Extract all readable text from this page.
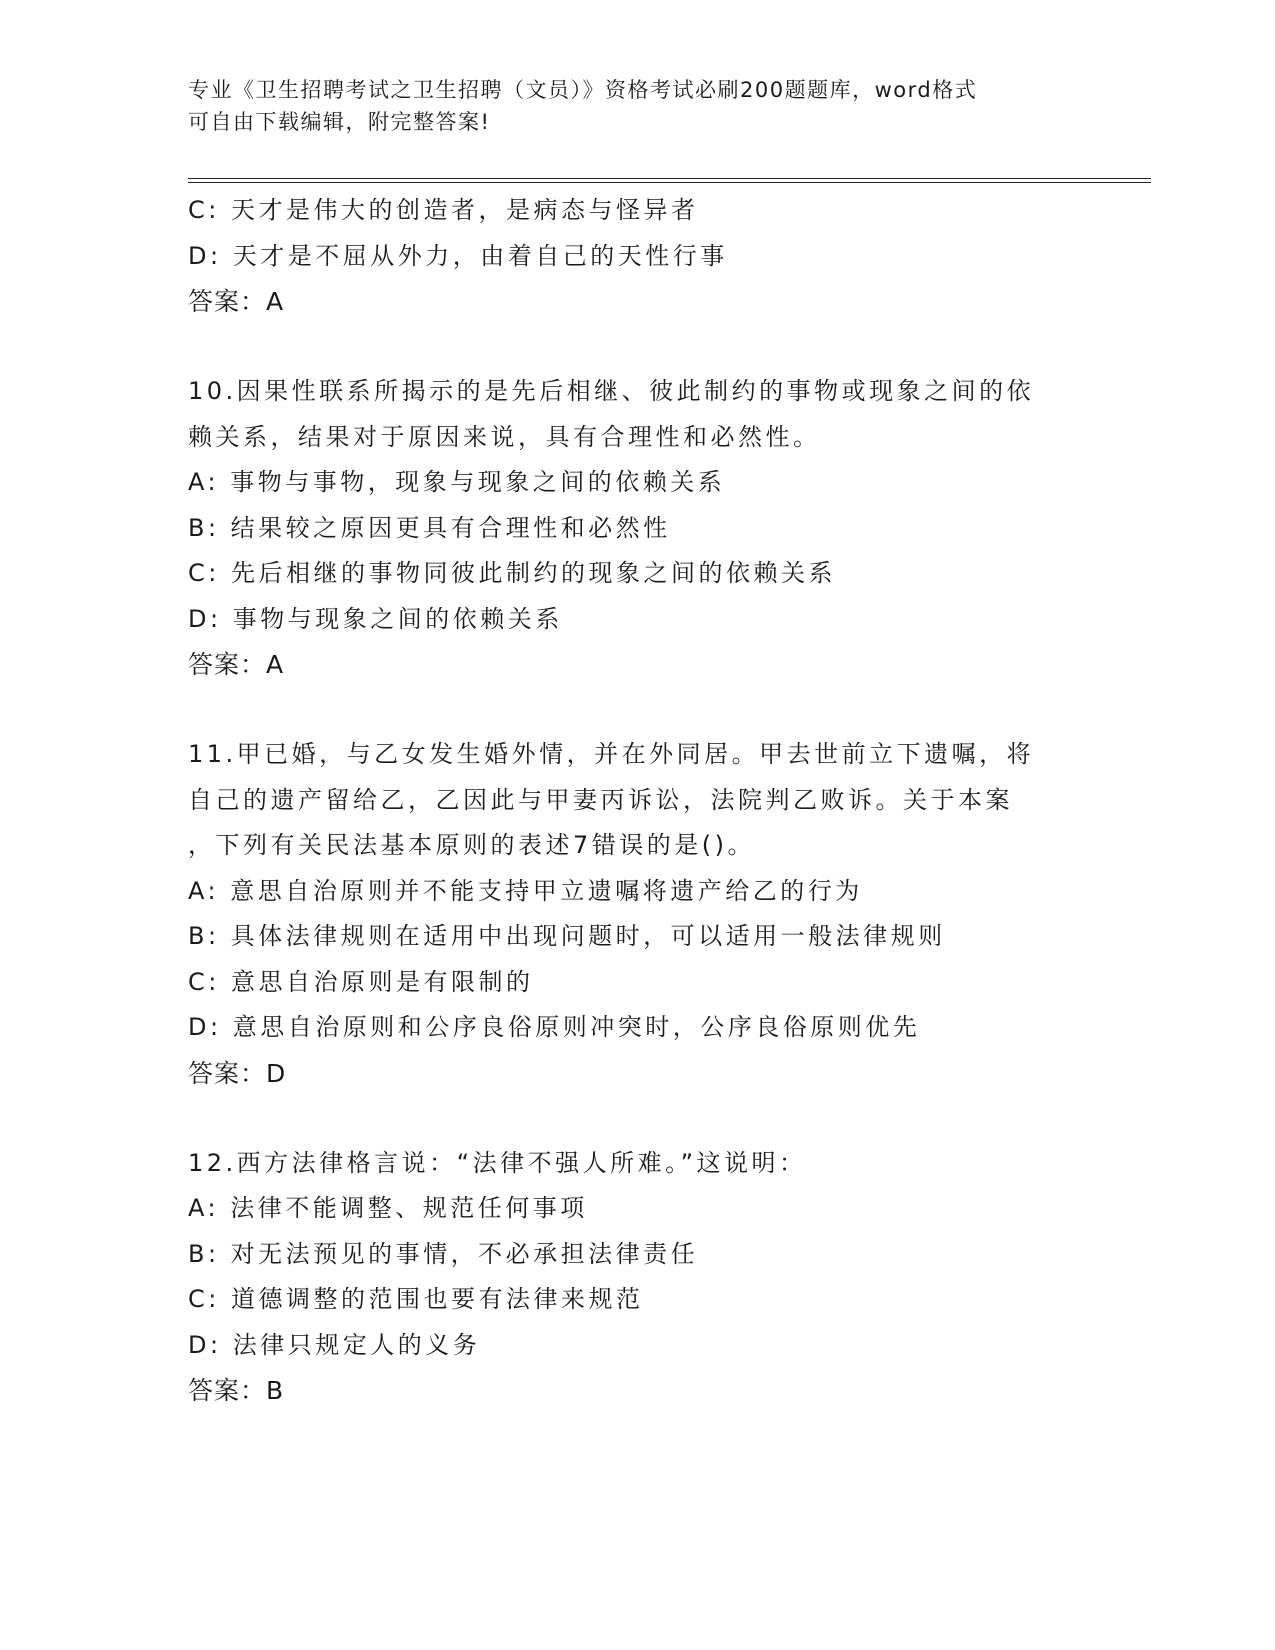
专业《卫生招聘考试之卫生招聘（文员）》资格考试必刷200题题库，word格式
可自由下载编辑，附完整答案!
C: 天才是伟大的创造者，是病态与怪异者
D: 天才是不屈从外力，由着自己的天性行事
答案：A
10.因果性联系所揭示的是先后相继、彼此制约的事物或现象之间的依
赖关系，结果对于原因来说，具有合理性和必然性。
A: 事物与事物，现象与现象之间的依赖关系
B: 结果较之原因更具有合理性和必然性
C: 先后相继的事物同彼此制约的现象之间的依赖关系
D: 事物与现象之间的依赖关系
答案：A
11.甲已婚，与乙女发生婚外情，并在外同居。甲去世前立下遗嘱，将
自己的遗产留给乙，乙因此与甲妻丙诉讼，法院判乙败诉。关于本案
，下列有关民法基本原则的表述7错误的是()。
A: 意思自治原则并不能支持甲立遗嘱将遗产给乙的行为
B: 具体法律规则在适用中出现问题时，可以适用一般法律规则
C: 意思自治原则是有限制的
D: 意思自治原则和公序良俗原则冲突时，公序良俗原则优先
答案：D
12.西方法律格言说：“法律不强人所难。”这说明：
A: 法律不能调整、规范任何事项
B: 对无法预见的事情，不必承担法律责任
C: 道德调整的范围也要有法律来规范
D: 法律只规定人的义务
答案：B
